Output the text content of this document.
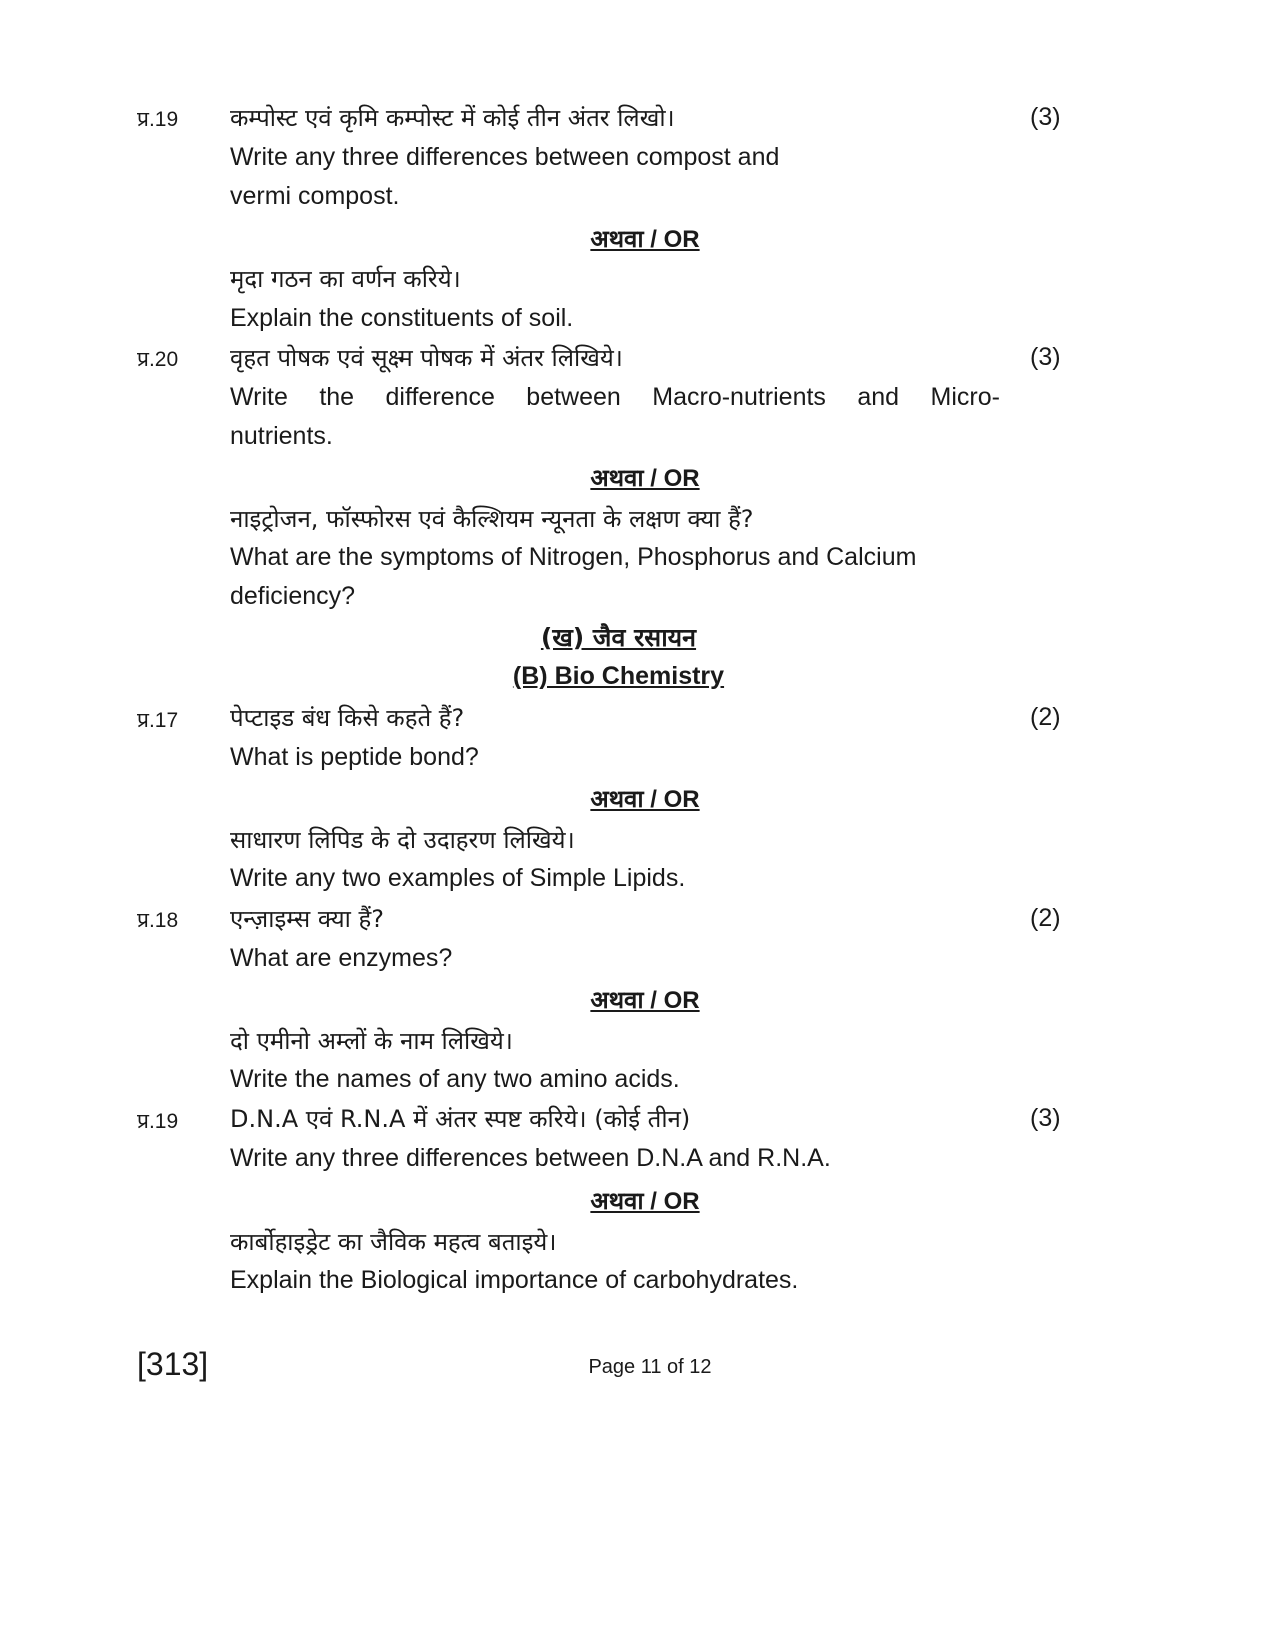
प्र.19 कम्पोस्ट एवं कृमि कम्पोस्ट में कोई तीन अंतर लिखो।	(3)
Write any three differences between compost and
vermi compost.
अथवा / OR
मृदा गठन का वर्णन करिये।
Explain the constituents of soil.
प्र.20 वृहत पोषक एवं सूक्ष्म पोषक में अंतर लिखिये।	(3)
Write the difference between Macro-nutrients and Micro-
nutrients.
अथवा / OR
नाइट्रोजन, फॉस्फोरस एवं कैल्शियम न्यूनता के लक्षण क्या हैं?
What are the symptoms of Nitrogen, Phosphorus and Calcium
deficiency?
(ख) जैव रसायन
(B) Bio Chemistry
प्र.17 पेप्टाइड बंध किसे कहते हैं?	(2)
What is peptide bond?
अथवा / OR
साधारण लिपिड के दो उदाहरण लिखिये।
Write any two examples of Simple Lipids.
प्र.18 एन्ज़ाइम्स क्या हैं?	(2)
What are enzymes?
अथवा / OR
दो एमीनो अम्लों के नाम लिखिये।
Write the names of any two amino acids.
प्र.19 D.N.A एवं R.N.A में अंतर स्पष्ट करिये। (कोई तीन)	(3)
Write any three differences between D.N.A and R.N.A.
अथवा / OR
कार्बोहाइड्रेट का जैविक महत्व बताइये।
Explain the Biological importance of carbohydrates.
[313]	Page 11 of 12
